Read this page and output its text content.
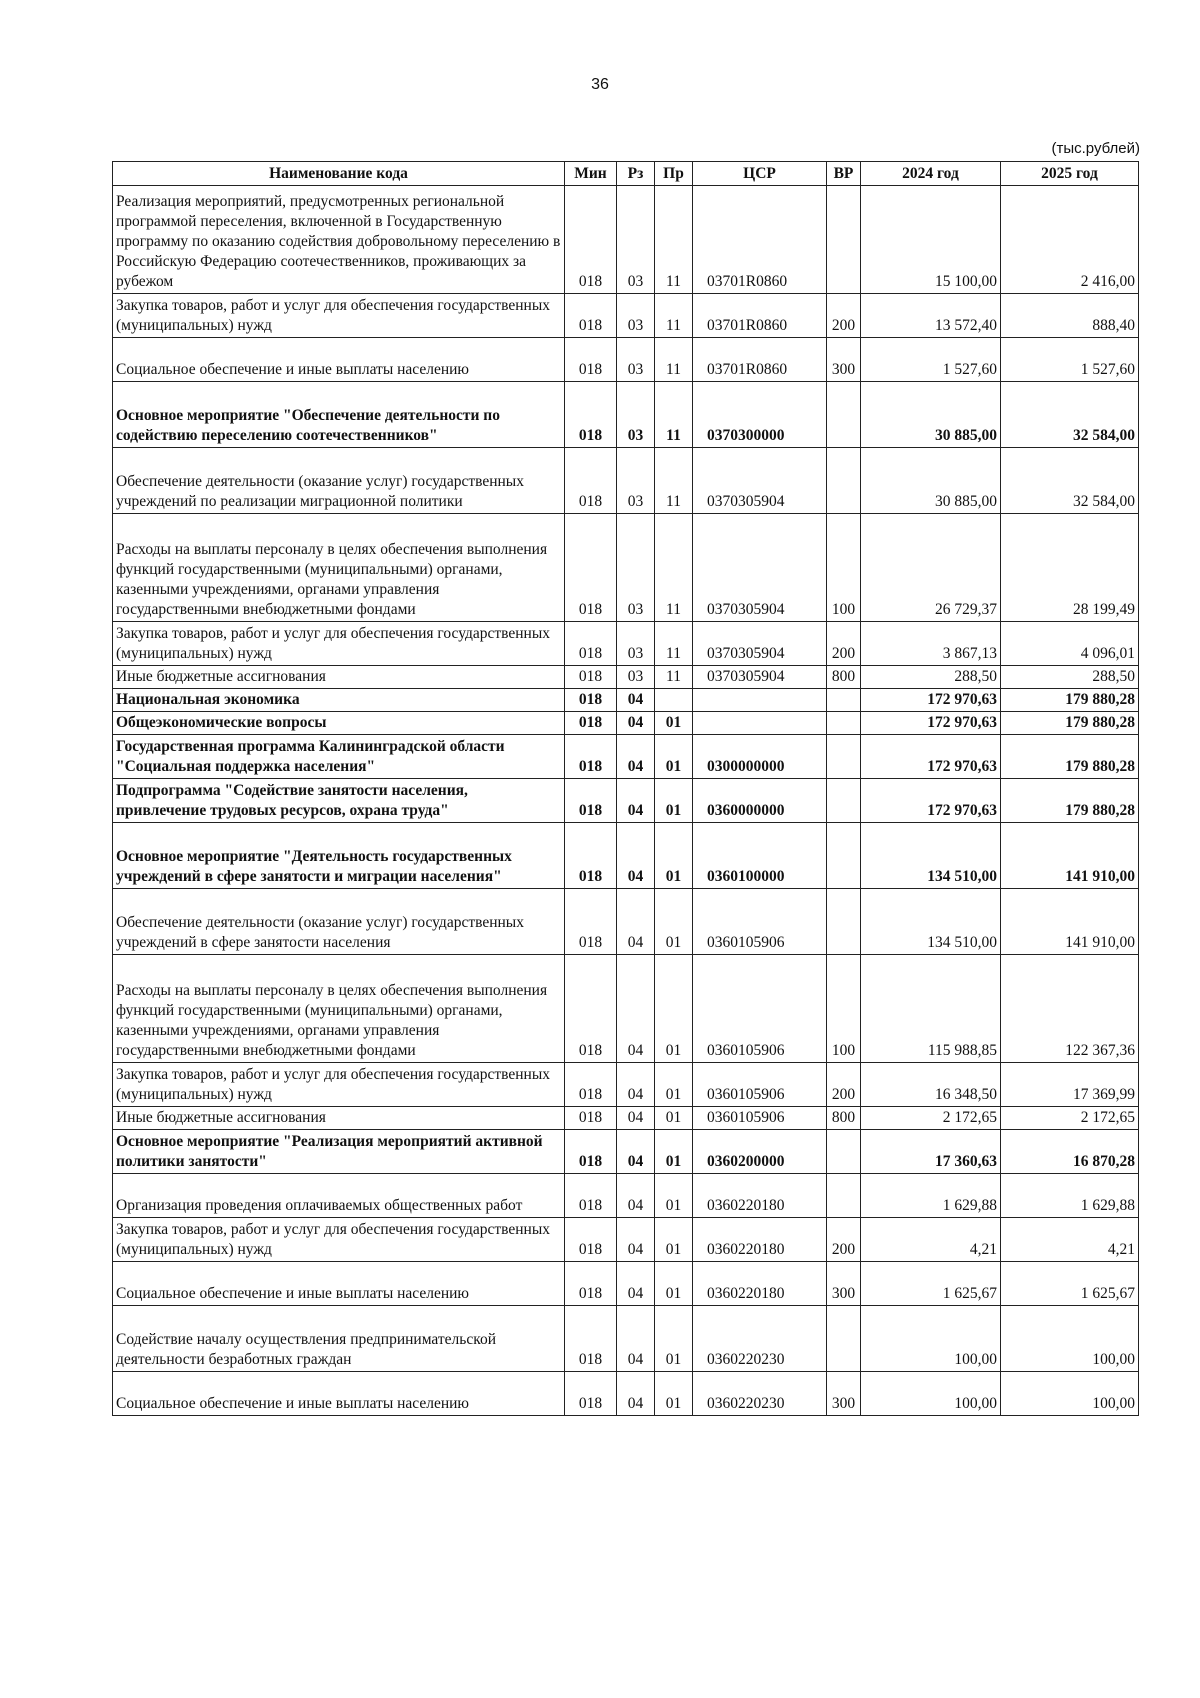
36
(тыс.рублей)
Наименование кода	Мин	Рз	Пр	ЦСР	ВР	2024 год	2025 год
Реализация мероприятий, предусмотренных региональной программой переселения, включенной в Государственную программу по оказанию содействия добровольному переселению в Российскую Федерацию соотечественников, проживающих за рубежом	018	03	11	03701R0860		15 100,00	2 416,00
Закупка товаров, работ и услуг для обеспечения государственных (муниципальных) нужд	018	03	11	03701R0860	200	13 572,40	888,40
Социальное обеспечение и иные выплаты населению	018	03	11	03701R0860	300	1 527,60	1 527,60
Основное мероприятие "Обеспечение деятельности по содействию переселению соотечественников"	018	03	11	0370300000		30 885,00	32 584,00
Обеспечение деятельности (оказание услуг) государственных учреждений по реализации миграционной политики	018	03	11	0370305904		30 885,00	32 584,00
Расходы на выплаты персоналу в целях обеспечения выполнения функций государственными (муниципальными) органами, казенными учреждениями, органами управления государственными внебюджетными фондами	018	03	11	0370305904	100	26 729,37	28 199,49
Закупка товаров, работ и услуг для обеспечения государственных (муниципальных) нужд	018	03	11	0370305904	200	3 867,13	4 096,01
Иные бюджетные ассигнования	018	03	11	0370305904	800	288,50	288,50
Национальная экономика	018	04				172 970,63	179 880,28
Общеэкономические вопросы	018	04	01			172 970,63	179 880,28
Государственная программа Калининградской области "Социальная поддержка населения"	018	04	01	0300000000		172 970,63	179 880,28
Подпрограмма "Содействие занятости населения, привлечение трудовых ресурсов, охрана труда"	018	04	01	0360000000		172 970,63	179 880,28
Основное мероприятие "Деятельность государственных учреждений в сфере занятости и миграции населения"	018	04	01	0360100000		134 510,00	141 910,00
Обеспечение деятельности (оказание услуг) государственных учреждений в сфере занятости населения	018	04	01	0360105906		134 510,00	141 910,00
Расходы на выплаты персоналу в целях обеспечения выполнения функций государственными (муниципальными) органами, казенными учреждениями, органами управления государственными внебюджетными фондами	018	04	01	0360105906	100	115 988,85	122 367,36
Закупка товаров, работ и услуг для обеспечения государственных (муниципальных) нужд	018	04	01	0360105906	200	16 348,50	17 369,99
Иные бюджетные ассигнования	018	04	01	0360105906	800	2 172,65	2 172,65
Основное мероприятие "Реализация мероприятий активной политики занятости"	018	04	01	0360200000		17 360,63	16 870,28
Организация проведения оплачиваемых общественных работ	018	04	01	0360220180		1 629,88	1 629,88
Закупка товаров, работ и услуг для обеспечения государственных (муниципальных) нужд	018	04	01	0360220180	200	4,21	4,21
Социальное обеспечение и иные выплаты населению	018	04	01	0360220180	300	1 625,67	1 625,67
Содействие началу осуществления предпринимательской деятельности безработных граждан	018	04	01	0360220230		100,00	100,00
Социальное обеспечение и иные выплаты населению	018	04	01	0360220230	300	100,00	100,00
